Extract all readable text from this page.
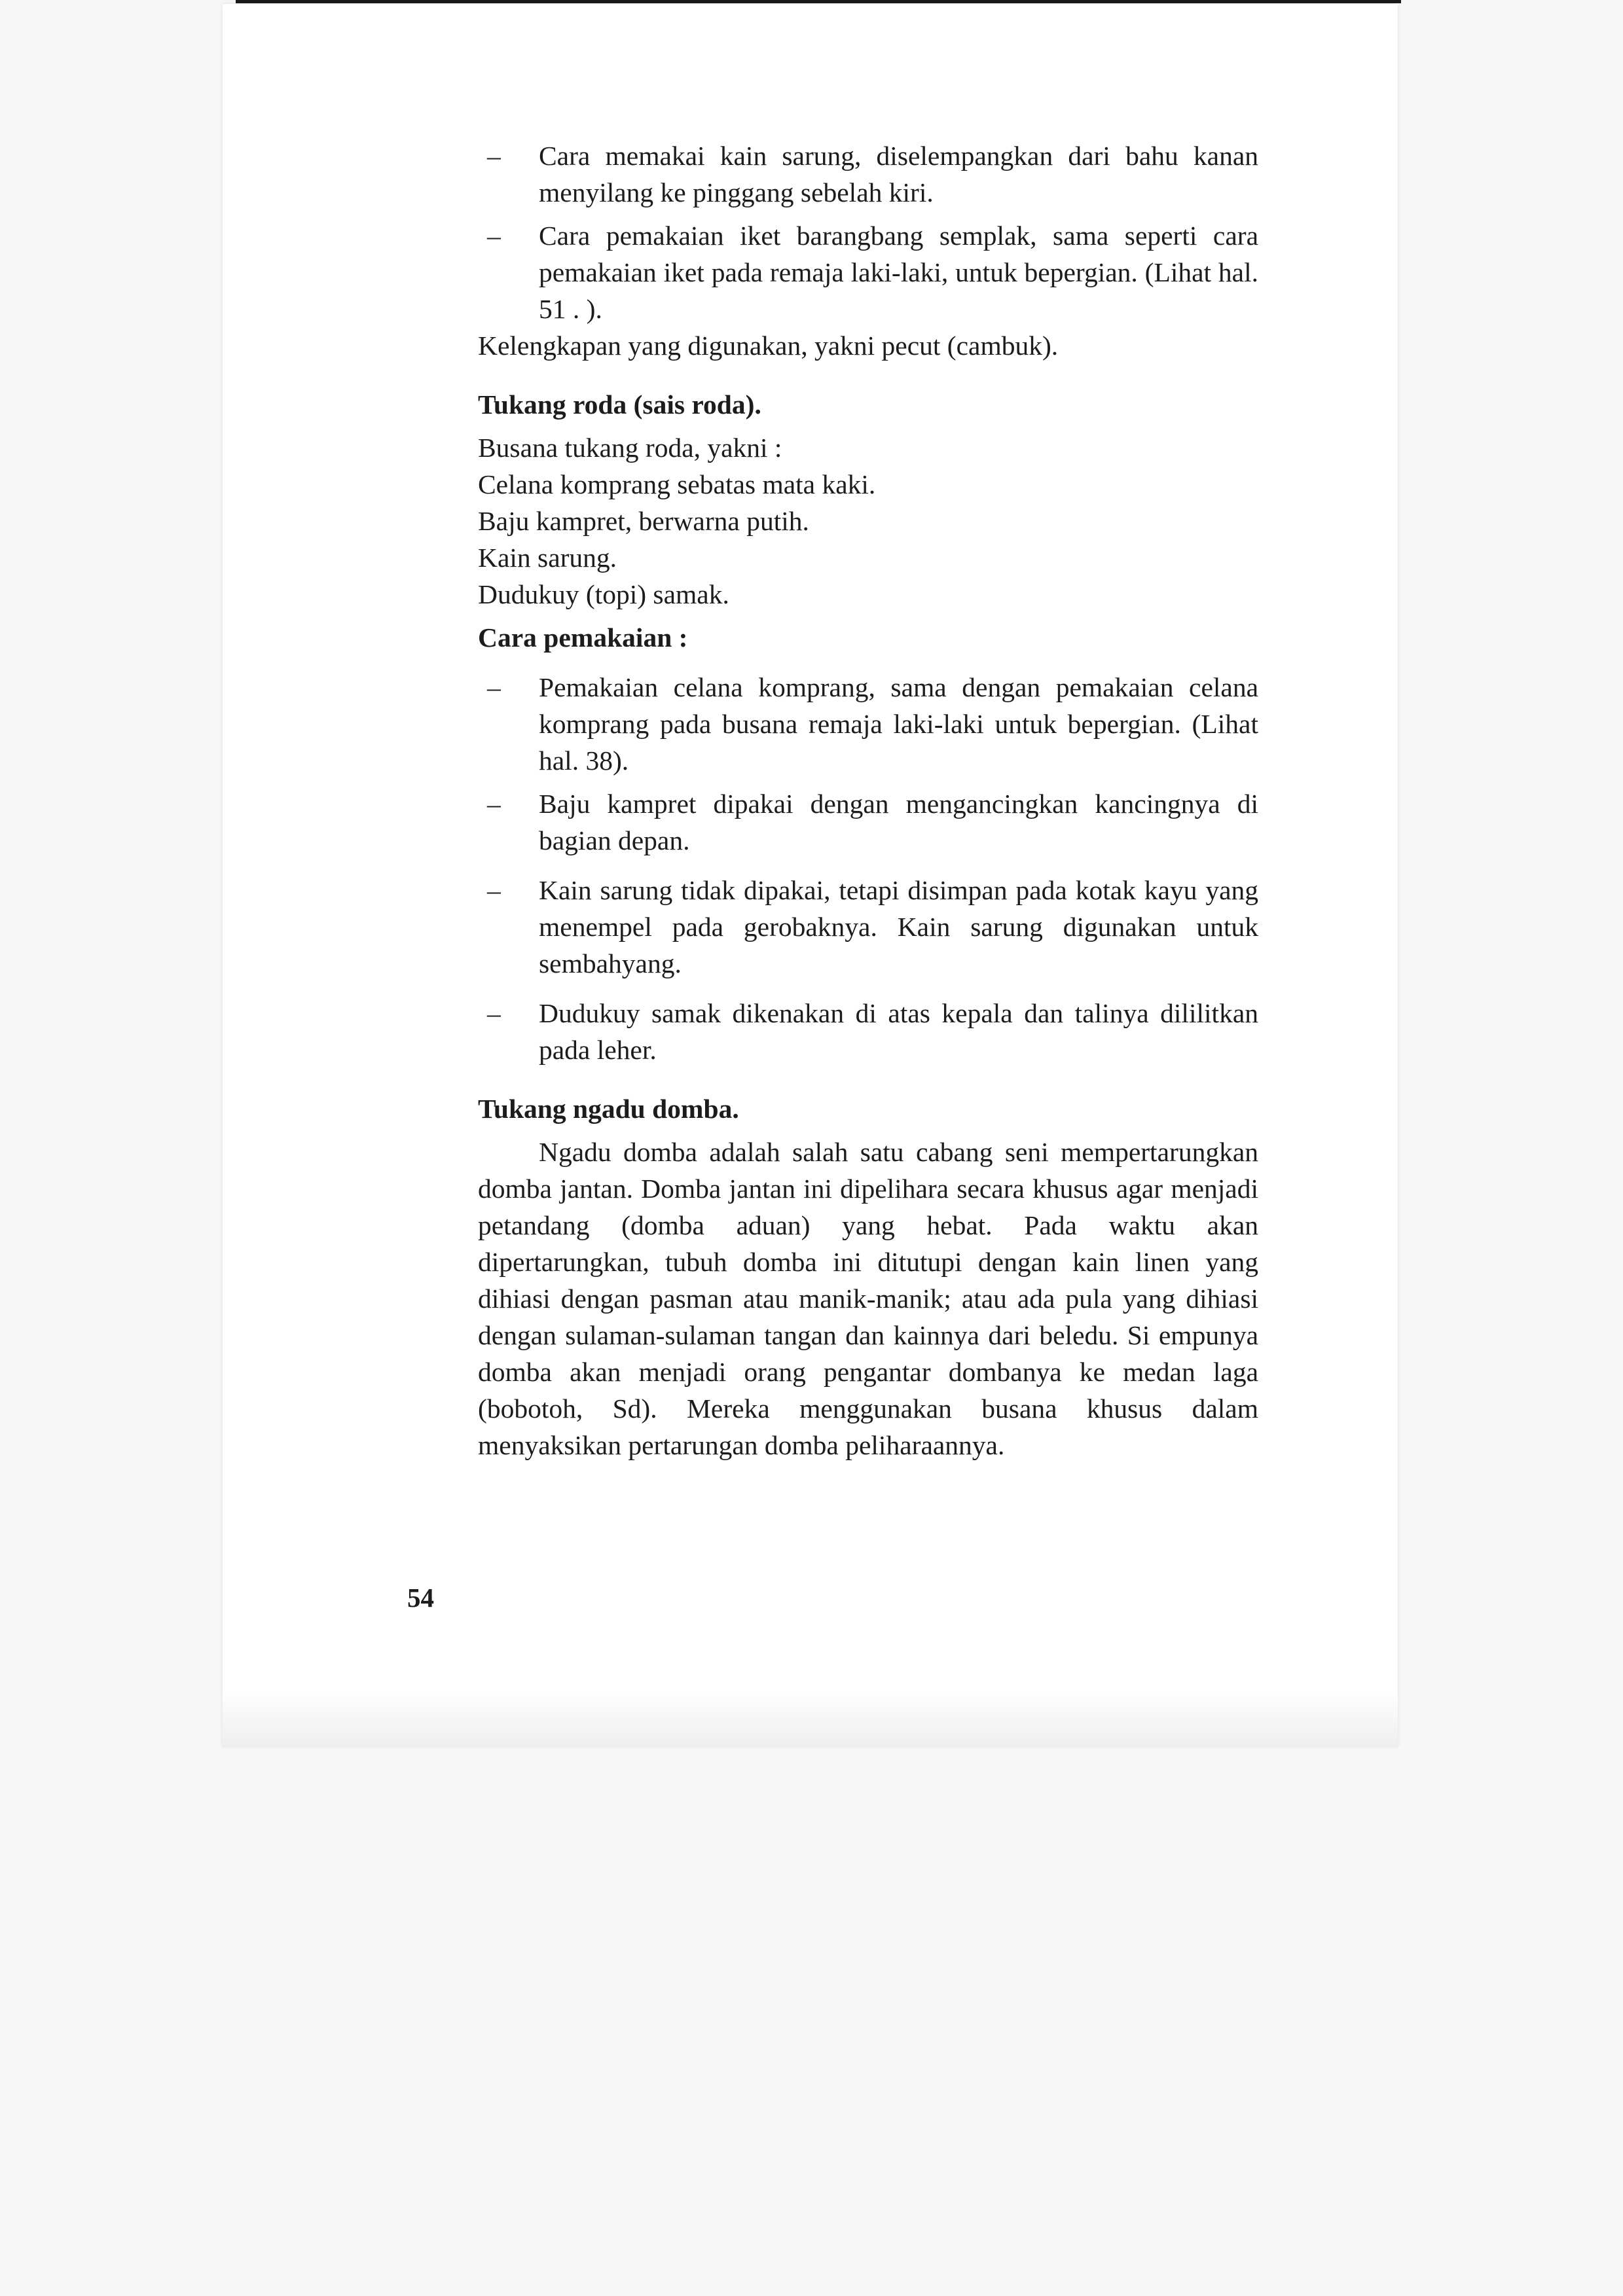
–	Cara memakai kain sarung, diselempangkan dari bahu kanan menyilang ke pinggang sebelah kiri.
–	Cara pemakaian iket barangbang semplak, sama seperti cara pemakaian iket pada remaja laki-laki, untuk bepergian. (Lihat hal. 51 . ).

Kelengkapan yang digunakan, yakni pecut (cambuk).

Tukang roda (sais roda).

Busana tukang roda, yakni :

Celana komprang sebatas mata kaki.

Baju kampret, berwarna putih.

Kain sarung.

Dudukuy (topi) samak.

Cara pemakaian :

–	Pemakaian celana komprang, sama dengan pemakaian celana komprang pada busana remaja laki-laki untuk bepergian. (Lihat hal. 38).
–	Baju kampret dipakai dengan mengancingkan kancingnya di bagian depan.
–	Kain sarung tidak dipakai, tetapi disimpan pada kotak kayu yang menempel pada gerobaknya. Kain sarung digunakan untuk sembahyang.
–	Dudukuy samak dikenakan di atas kepala dan talinya dililitkan pada leher.

Tukang ngadu domba.

Ngadu domba adalah salah satu cabang seni mempertarungkan domba jantan. Domba jantan ini dipelihara secara khusus agar menjadi petandang (domba aduan) yang hebat. Pada waktu akan dipertarungkan, tubuh domba ini ditutupi dengan kain linen yang dihiasi dengan pasman atau manik-manik; atau ada pula yang dihiasi dengan sulaman-sulaman tangan dan kainnya dari beledu. Si empunya domba akan menjadi orang pengantar dombanya ke medan laga (bobotoh, Sd). Mereka menggunakan busana khusus dalam menyaksikan pertarungan domba peliharaannya.

54
